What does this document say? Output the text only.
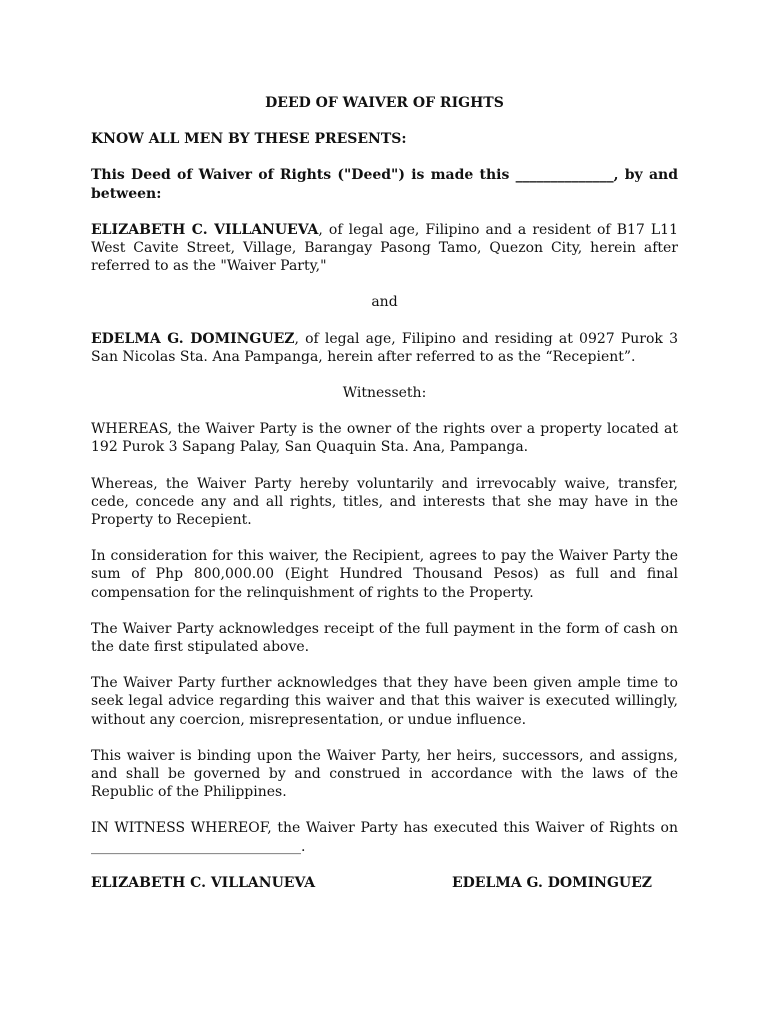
DEED OF WAIVER OF RIGHTS

KNOW ALL MEN BY THESE PRESENTS:

This Deed of Waiver of Rights ("Deed") is made this ______________, by and between:

ELIZABETH C. VILLANUEVA, of legal age, Filipino and a resident of B17 L11 West Cavite Street, Village, Barangay Pasong Tamo, Quezon City, herein after referred to as the "Waiver Party,"

and

EDELMA G. DOMINGUEZ, of legal age, Filipino and residing at 0927 Purok 3 San Nicolas Sta. Ana Pampanga, herein after referred to as the “Recepient”.

Witnesseth:

WHEREAS, the Waiver Party is the owner of the rights over a property located at 192 Purok 3 Sapang Palay, San Quaquin Sta. Ana, Pampanga.

Whereas, the Waiver Party hereby voluntarily and irrevocably waive, transfer, cede, concede any and all rights, titles, and interests that she may have in the Property to Recepient.

In consideration for this waiver, the Recipient, agrees to pay the Waiver Party the sum of Php 800,000.00 (Eight Hundred Thousand Pesos) as full and final compensation for the relinquishment of rights to the Property.

The Waiver Party acknowledges receipt of the full payment in the form of cash on the date first stipulated above.

The Waiver Party further acknowledges that they have been given ample time to seek legal advice regarding this waiver and that this waiver is executed willingly, without any coercion, misrepresentation, or undue influence.

This waiver is binding upon the Waiver Party, her heirs, successors, and assigns, and shall be governed by and construed in accordance with the laws of the Republic of the Philippines.

IN WITNESS WHEREOF, the Waiver Party has executed this Waiver of Rights on ______________________________.

ELIZABETH C. VILLANUEVA	EDELMA G. DOMINGUEZ
